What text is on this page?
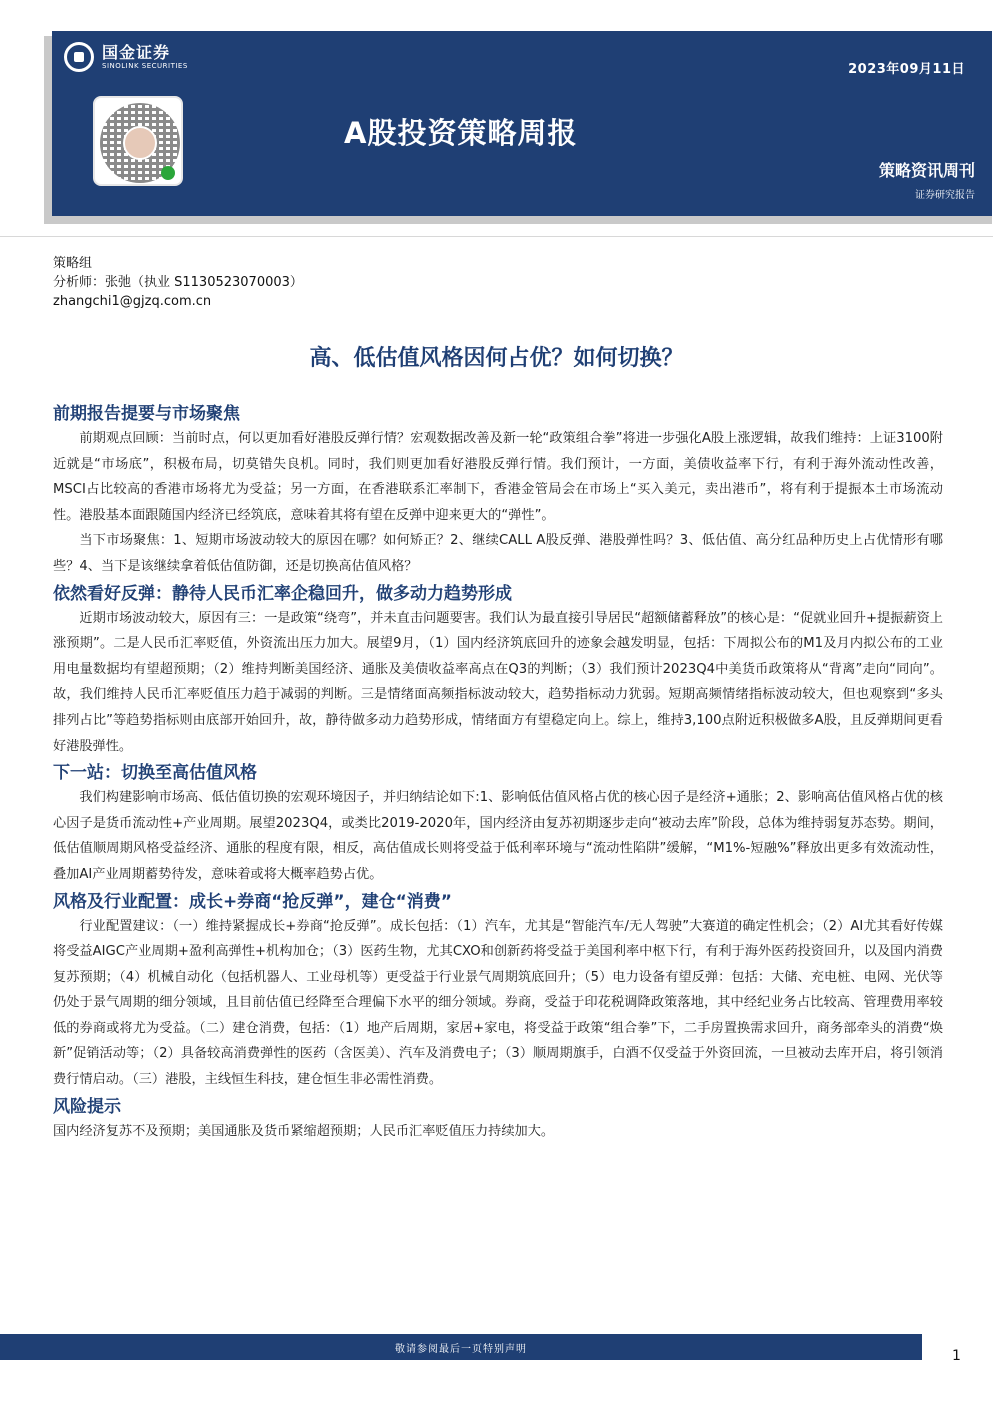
国金证券
SINOLINK SECURITIES	2023年09月11日
A股投资策略周报
策略资讯周刊
证券研究报告
策略组
分析师：张弛（执业 S1130523070003）
zhangchi1@gjzq.com.cn
高、低估值风格因何占优？如何切换？
前期报告提要与市场聚焦

前期观点回顾：当前时点，何以更加看好港股反弹行情？宏观数据改善及新一轮“政策组合拳”将进一步强化A股上涨逻辑，故我们维持：上证3100附近就是“市场底”，积极布局，切莫错失良机。同时，我们则更加看好港股反弹行情。我们预计，一方面，美债收益率下行，有利于海外流动性改善，MSCI占比较高的香港市场将尤为受益；另一方面，在香港联系汇率制下，香港金管局会在市场上“买入美元，卖出港币”，将有利于提振本土市场流动性。港股基本面跟随国内经济已经筑底，意味着其将有望在反弹中迎来更大的“弹性”。

当下市场聚焦：1、短期市场波动较大的原因在哪？如何矫正？2、继续CALL A股反弹、港股弹性吗？3、低估值、高分红品种历史上占优情形有哪些？4、当下是该继续拿着低估值防御，还是切换高估值风格？

依然看好反弹：静待人民币汇率企稳回升，做多动力趋势形成

近期市场波动较大，原因有三：一是政策“绕弯”，并未直击问题要害。我们认为最直接引导居民“超额储蓄释放”的核心是：“促就业回升+提振薪资上涨预期”。二是人民币汇率贬值，外资流出压力加大。展望9月，（1）国内经济筑底回升的迹象会越发明显，包括：下周拟公布的M1及月内拟公布的工业用电量数据均有望超预期；（2）维持判断美国经济、通胀及美债收益率高点在Q3的判断；（3）我们预计2023Q4中美货币政策将从“背离”走向“同向”。故，我们维持人民币汇率贬值压力趋于减弱的判断。三是情绪面高频指标波动较大，趋势指标动力犹弱。短期高频情绪指标波动较大，但也观察到“多头排列占比”等趋势指标则由底部开始回升，故，静待做多动力趋势形成，情绪面方有望稳定向上。综上，维持3,100点附近积极做多A股，且反弹期间更看好港股弹性。

下一站：切换至高估值风格

我们构建影响市场高、低估值切换的宏观环境因子，并归纳结论如下:1、影响低估值风格占优的核心因子是经济+通胀；2、影响高估值风格占优的核心因子是货币流动性+产业周期。展望2023Q4，或类比2019-2020年，国内经济由复苏初期逐步走向“被动去库”阶段，总体为维持弱复苏态势。期间，低估值顺周期风格受益经济、通胀的程度有限，相反，高估值成长则将受益于低利率环境与“流动性陷阱”缓解，“M1%-短融%”释放出更多有效流动性，叠加AI产业周期蓄势待发，意味着或将大概率趋势占优。

风格及行业配置：成长+券商“抢反弹”，建仓“消费”

行业配置建议：（一）维持紧握成长+券商“抢反弹”。成长包括：（1）汽车，尤其是“智能汽车/无人驾驶”大赛道的确定性机会；（2）AI尤其看好传媒将受益AIGC产业周期+盈利高弹性+机构加仓；（3）医药生物，尤其CXO和创新药将受益于美国利率中枢下行，有利于海外医药投资回升，以及国内消费复苏预期；（4）机械自动化（包括机器人、工业母机等）更受益于行业景气周期筑底回升；（5）电力设备有望反弹：包括：大储、充电桩、电网、光伏等仍处于景气周期的细分领域，且目前估值已经降至合理偏下水平的细分领域。券商，受益于印花税调降政策落地，其中经纪业务占比较高、管理费用率较低的券商或将尤为受益。（二）建仓消费，包括：（1）地产后周期，家居+家电，将受益于政策“组合拳”下，二手房置换需求回升，商务部牵头的消费“焕新”促销活动等；（2）具备较高消费弹性的医药（含医美）、汽车及消费电子；（3）顺周期旗手，白酒不仅受益于外资回流，一旦被动去库开启，将引领消费行情启动。（三）港股，主线恒生科技，建仓恒生非必需性消费。

风险提示

国内经济复苏不及预期；美国通胀及货币紧缩超预期；人民币汇率贬值压力持续加大。

敬请参阅最后一页特别声明	1
